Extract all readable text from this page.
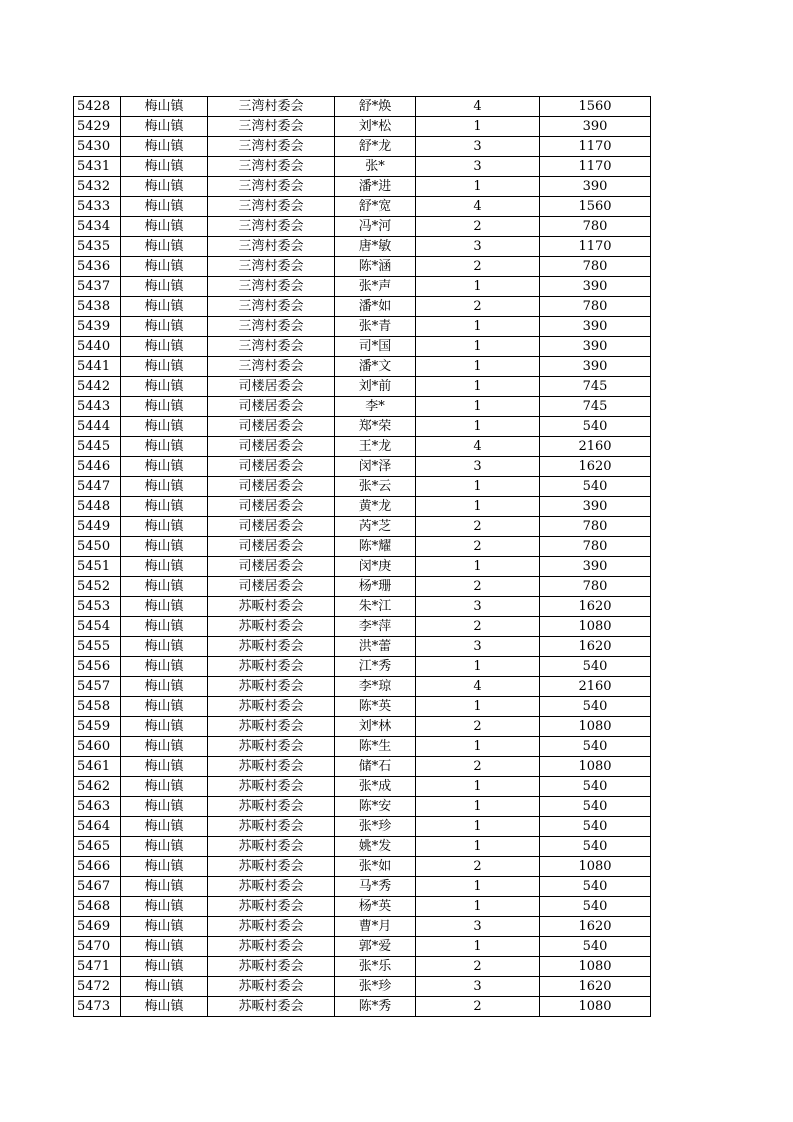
5428	梅山镇	三湾村委会	舒*焕	4	1560
5429	梅山镇	三湾村委会	刘*松	1	390
5430	梅山镇	三湾村委会	舒*龙	3	1170
5431	梅山镇	三湾村委会	张*	3	1170
5432	梅山镇	三湾村委会	潘*进	1	390
5433	梅山镇	三湾村委会	舒*宽	4	1560
5434	梅山镇	三湾村委会	冯*河	2	780
5435	梅山镇	三湾村委会	唐*敏	3	1170
5436	梅山镇	三湾村委会	陈*涵	2	780
5437	梅山镇	三湾村委会	张*声	1	390
5438	梅山镇	三湾村委会	潘*如	2	780
5439	梅山镇	三湾村委会	张*青	1	390
5440	梅山镇	三湾村委会	司*国	1	390
5441	梅山镇	三湾村委会	潘*文	1	390
5442	梅山镇	司楼居委会	刘*前	1	745
5443	梅山镇	司楼居委会	李*	1	745
5444	梅山镇	司楼居委会	郑*荣	1	540
5445	梅山镇	司楼居委会	王*龙	4	2160
5446	梅山镇	司楼居委会	闵*泽	3	1620
5447	梅山镇	司楼居委会	张*云	1	540
5448	梅山镇	司楼居委会	黄*龙	1	390
5449	梅山镇	司楼居委会	芮*芝	2	780
5450	梅山镇	司楼居委会	陈*耀	2	780
5451	梅山镇	司楼居委会	闵*庚	1	390
5452	梅山镇	司楼居委会	杨*珊	2	780
5453	梅山镇	苏畈村委会	朱*江	3	1620
5454	梅山镇	苏畈村委会	李*萍	2	1080
5455	梅山镇	苏畈村委会	洪*蕾	3	1620
5456	梅山镇	苏畈村委会	江*秀	1	540
5457	梅山镇	苏畈村委会	李*琼	4	2160
5458	梅山镇	苏畈村委会	陈*英	1	540
5459	梅山镇	苏畈村委会	刘*林	2	1080
5460	梅山镇	苏畈村委会	陈*生	1	540
5461	梅山镇	苏畈村委会	储*石	2	1080
5462	梅山镇	苏畈村委会	张*成	1	540
5463	梅山镇	苏畈村委会	陈*安	1	540
5464	梅山镇	苏畈村委会	张*珍	1	540
5465	梅山镇	苏畈村委会	姚*发	1	540
5466	梅山镇	苏畈村委会	张*如	2	1080
5467	梅山镇	苏畈村委会	马*秀	1	540
5468	梅山镇	苏畈村委会	杨*英	1	540
5469	梅山镇	苏畈村委会	曹*月	3	1620
5470	梅山镇	苏畈村委会	郭*爱	1	540
5471	梅山镇	苏畈村委会	张*乐	2	1080
5472	梅山镇	苏畈村委会	张*珍	3	1620
5473	梅山镇	苏畈村委会	陈*秀	2	1080
